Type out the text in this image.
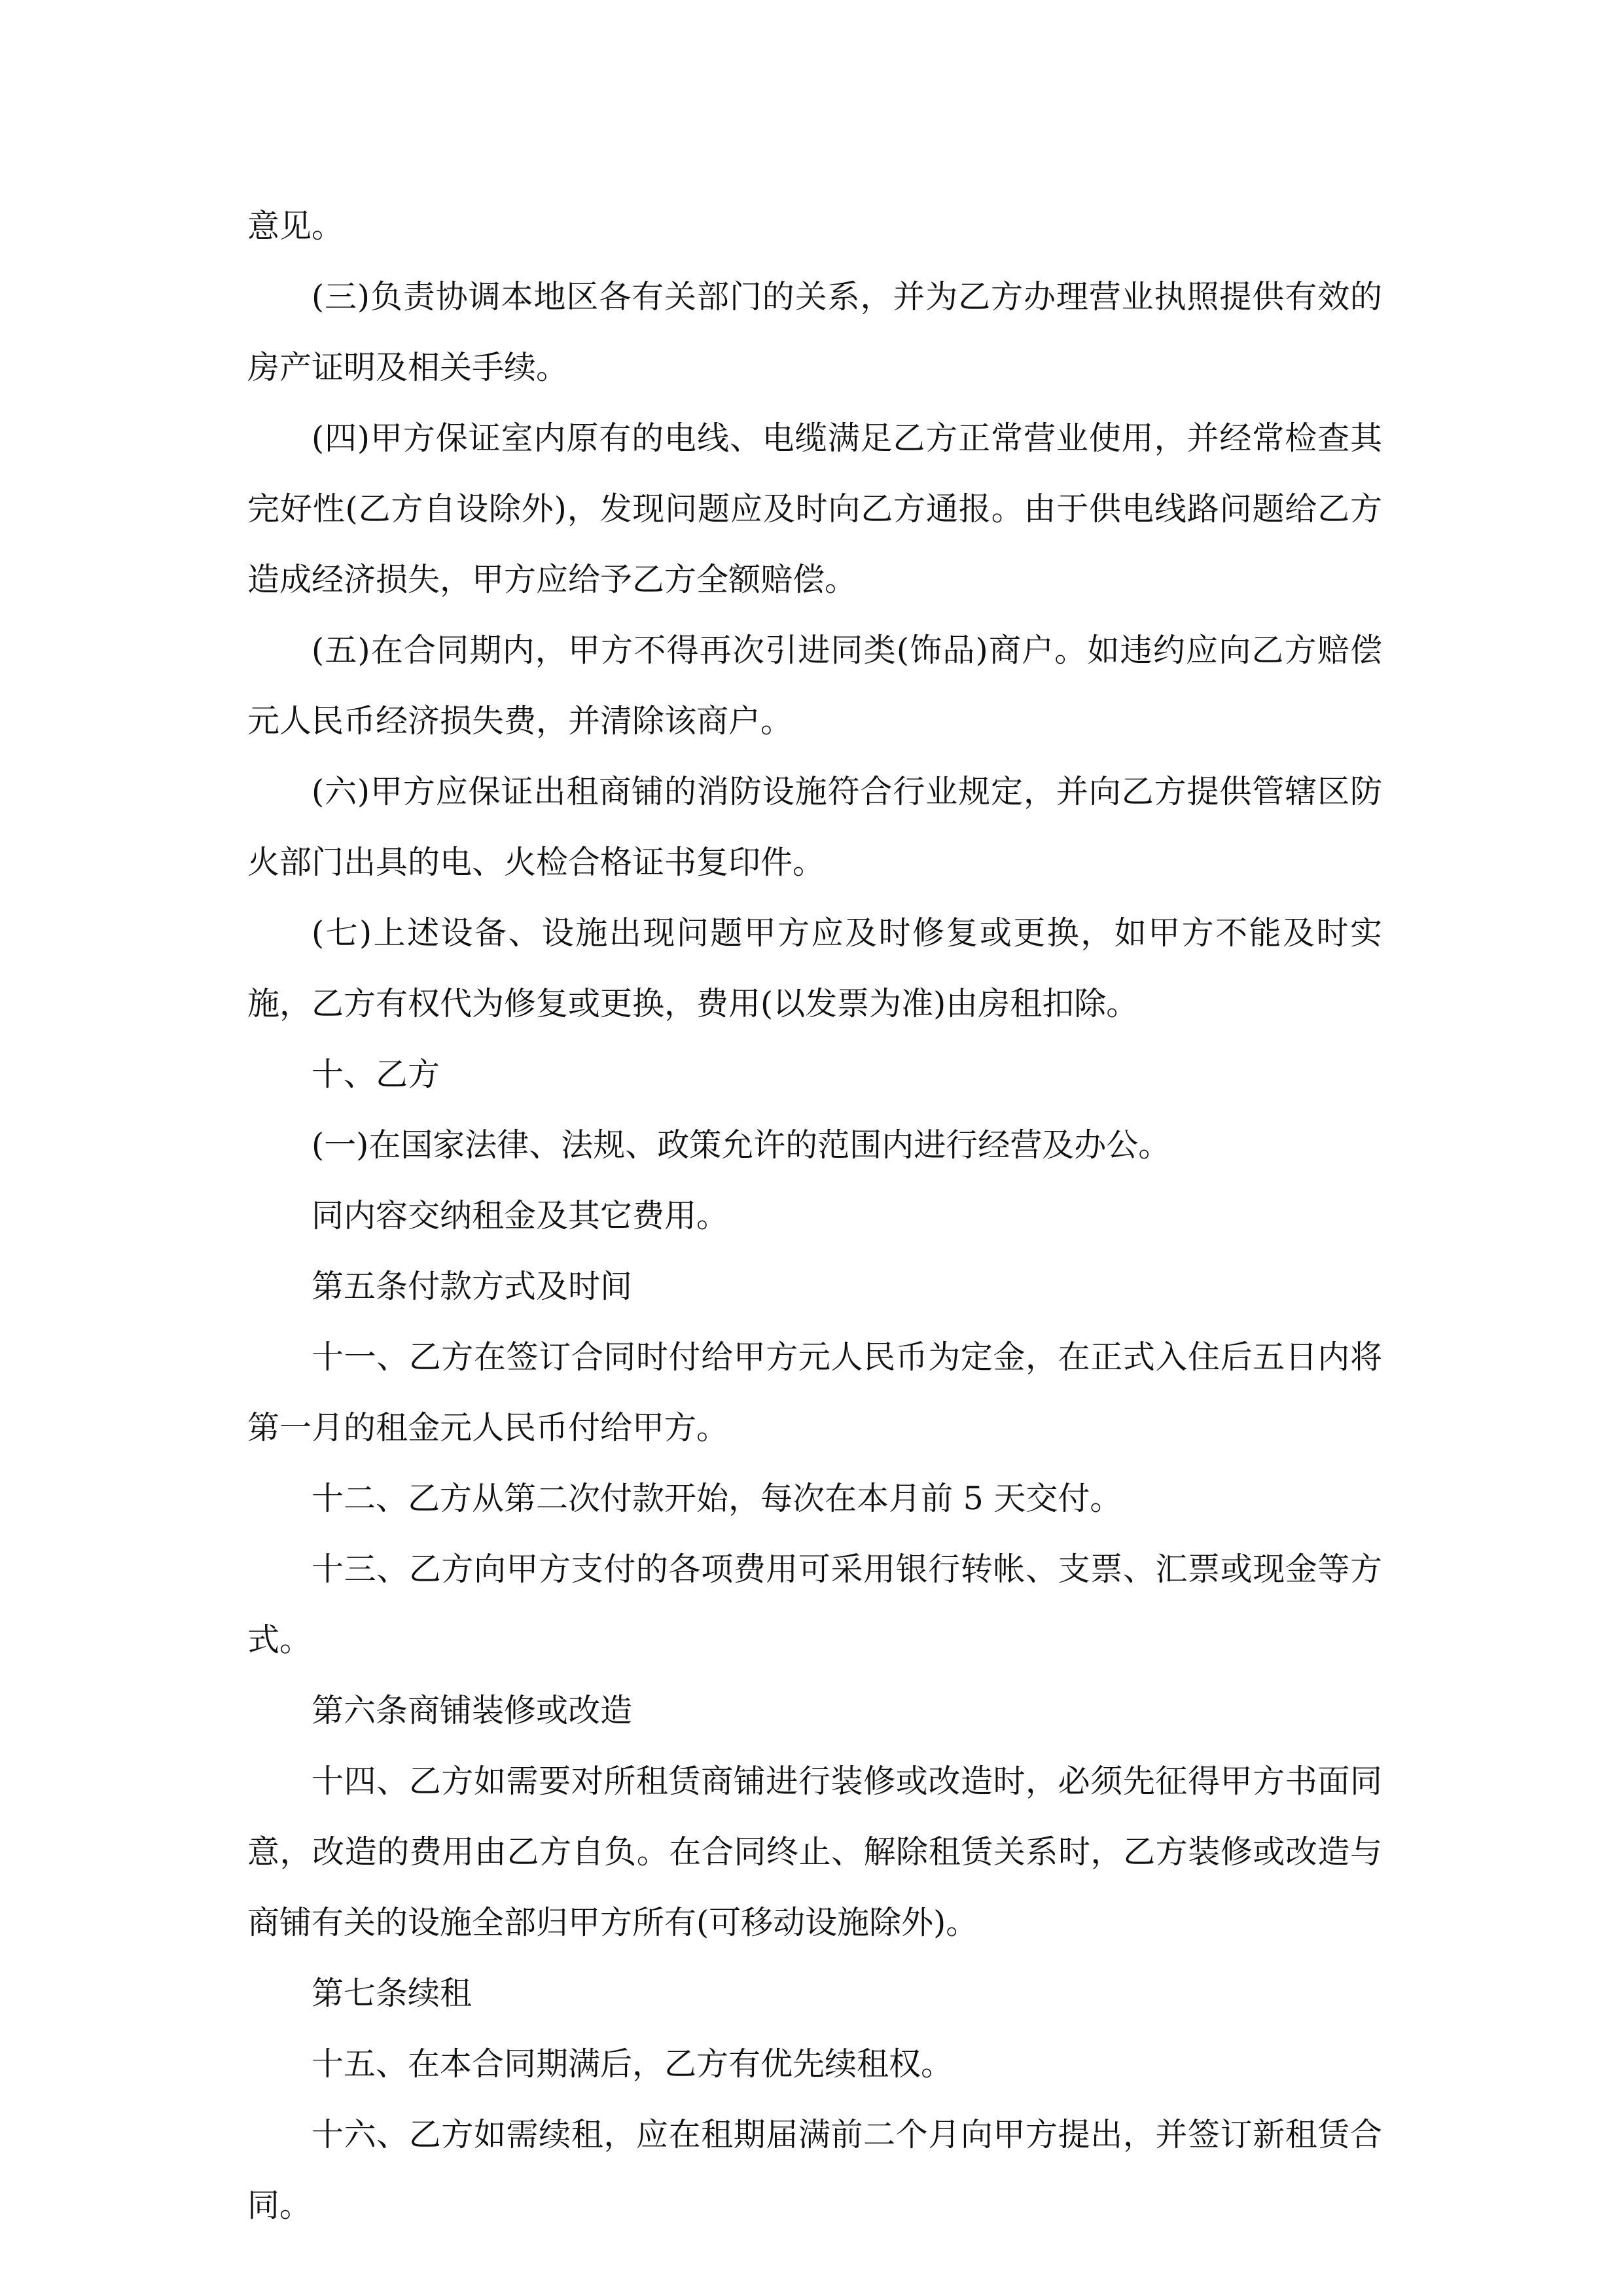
意见。

(三)负责协调本地区各有关部门的关系，并为乙方办理营业执照提供有效的房产证明及相关手续。

(四)甲方保证室内原有的电线、电缆满足乙方正常营业使用，并经常检查其完好性(乙方自设除外)，发现问题应及时向乙方通报。由于供电线路问题给乙方造成经济损失，甲方应给予乙方全额赔偿。

(五)在合同期内，甲方不得再次引进同类(饰品)商户。如违约应向乙方赔偿元人民币经济损失费，并清除该商户。

(六)甲方应保证出租商铺的消防设施符合行业规定，并向乙方提供管辖区防火部门出具的电、火检合格证书复印件。

(七)上述设备、设施出现问题甲方应及时修复或更换，如甲方不能及时实施，乙方有权代为修复或更换，费用(以发票为准)由房租扣除。

十、乙方

(一)在国家法律、法规、政策允许的范围内进行经营及办公。

同内容交纳租金及其它费用。

第五条付款方式及时间

十一、乙方在签订合同时付给甲方元人民币为定金，在正式入住后五日内将第一月的租金元人民币付给甲方。

十二、乙方从第二次付款开始，每次在本月前 5 天交付。

十三、乙方向甲方支付的各项费用可采用银行转帐、支票、汇票或现金等方式。

第六条商铺装修或改造

十四、乙方如需要对所租赁商铺进行装修或改造时，必须先征得甲方书面同意，改造的费用由乙方自负。在合同终止、解除租赁关系时，乙方装修或改造与商铺有关的设施全部归甲方所有(可移动设施除外)。

第七条续租

十五、在本合同期满后，乙方有优先续租权。

十六、乙方如需续租，应在租期届满前二个月向甲方提出，并签订新租赁合同。
